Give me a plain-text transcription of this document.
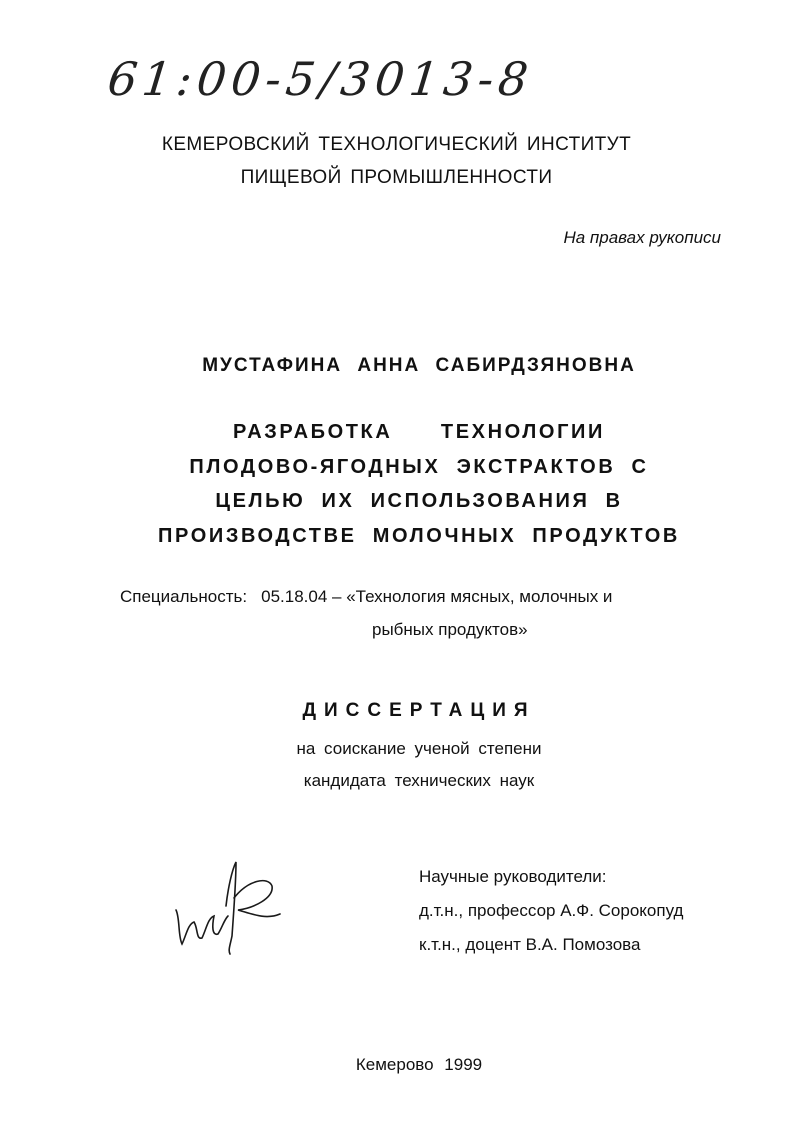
61:00-5/3013-8
КЕМЕРОВСКИЙ ТЕХНОЛОГИЧЕСКИЙ ИНСТИТУТ
ПИЩЕВОЙ ПРОМЫШЛЕННОСТИ
На правах рукописи
МУСТАФИНА АННА САБИРДЗЯНОВНА
РАЗРАБОТКА   ТЕХНОЛОГИИ
ПЛОДОВО-ЯГОДНЫХ ЭКСТРАКТОВ С
ЦЕЛЬЮ ИХ ИСПОЛЬЗОВАНИЯ В
ПРОИЗВОДСТВЕ МОЛОЧНЫХ ПРОДУКТОВ
Специальность: 05.18.04 – «Технология мясных, молочных и
рыбных продуктов»
ДИССЕРТАЦИЯ
на соискание ученой степени
кандидата технических наук
Научные руководители:
д.т.н., профессор А.Ф. Сорокопуд
к.т.н., доцент В.А. Помозова
Кемерово 1999
